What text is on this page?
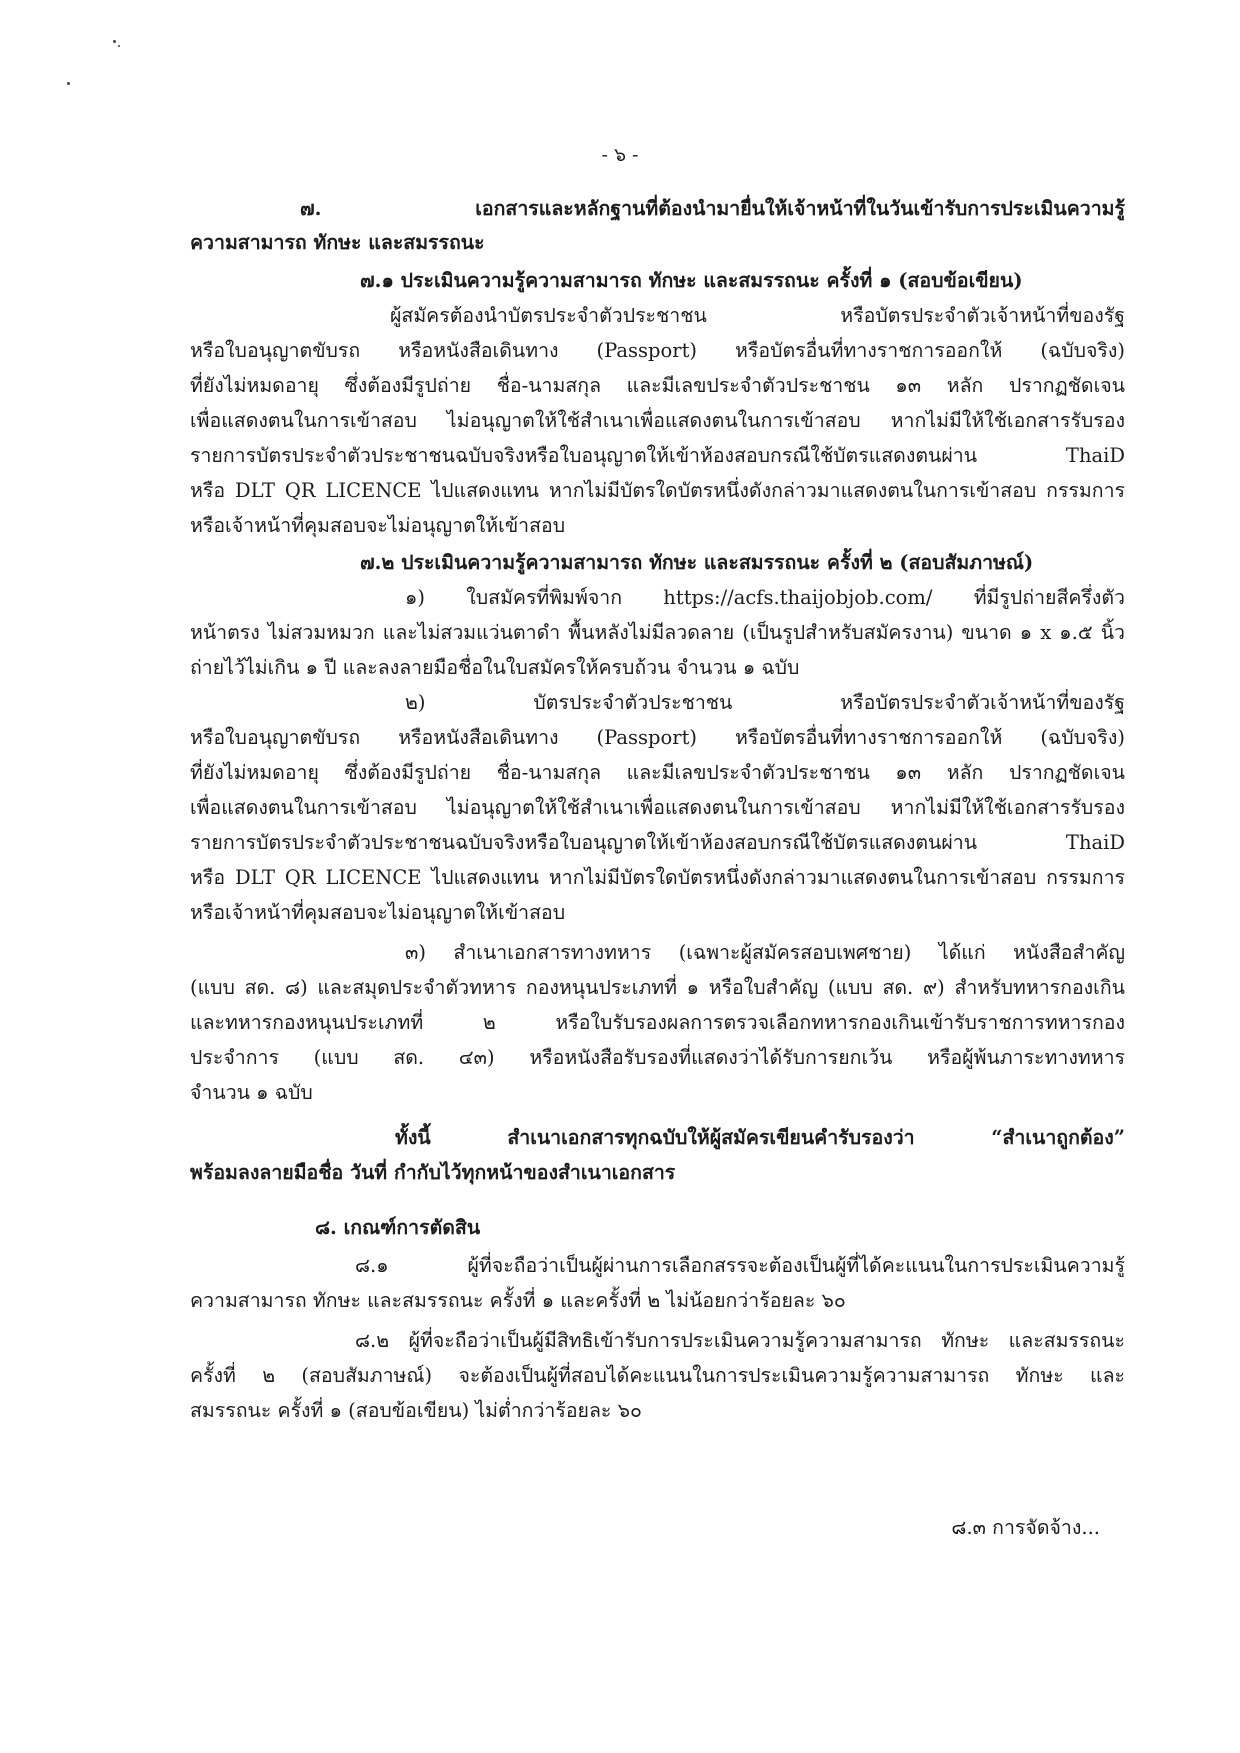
- ๖ -
๗. เอกสารและหลักฐานที่ต้องนำมายื่นให้เจ้าหน้าที่ในวันเข้ารับการประเมินความรู้
ความสามารถ ทักษะ และสมรรถนะ
๗.๑ ประเมินความรู้ความสามารถ ทักษะ และสมรรถนะ ครั้งที่ ๑ (สอบข้อเขียน)
ผู้สมัครต้องนำบัตรประจำตัวประชาชน หรือบัตรประจำตัวเจ้าหน้าที่ของรัฐ
หรือใบอนุญาตขับรถ หรือหนังสือเดินทาง (Passport) หรือบัตรอื่นที่ทางราชการออกให้ (ฉบับจริง)
ที่ยังไม่หมดอายุ ซึ่งต้องมีรูปถ่าย ชื่อ-นามสกุล และมีเลขประจำตัวประชาชน ๑๓ หลัก ปรากฏชัดเจน
เพื่อแสดงตนในการเข้าสอบ ไม่อนุญาตให้ใช้สำเนาเพื่อแสดงตนในการเข้าสอบ หากไม่มีให้ใช้เอกสารรับรอง
รายการบัตรประจำตัวประชาชนฉบับจริงหรือใบอนุญาตให้เข้าห้องสอบกรณีใช้บัตรแสดงตนผ่าน ThaiD
หรือ DLT QR LICENCE ไปแสดงแทน หากไม่มีบัตรใดบัตรหนึ่งดังกล่าวมาแสดงตนในการเข้าสอบ กรรมการ
หรือเจ้าหน้าที่คุมสอบจะไม่อนุญาตให้เข้าสอบ
๗.๒ ประเมินความรู้ความสามารถ ทักษะ และสมรรถนะ ครั้งที่ ๒ (สอบสัมภาษณ์)
๑) ใบสมัครที่พิมพ์จาก https://acfs.thaijobjob.com/ ที่มีรูปถ่ายสีครึ่งตัว
หน้าตรง ไม่สวมหมวก และไม่สวมแว่นตาดำ พื้นหลังไม่มีลวดลาย (เป็นรูปสำหรับสมัครงาน) ขนาด ๑ x ๑.๕ นิ้ว
ถ่ายไว้ไม่เกิน ๑ ปี และลงลายมือชื่อในใบสมัครให้ครบถ้วน จำนวน ๑ ฉบับ
๒) บัตรประจำตัวประชาชน หรือบัตรประจำตัวเจ้าหน้าที่ของรัฐ
หรือใบอนุญาตขับรถ หรือหนังสือเดินทาง (Passport) หรือบัตรอื่นที่ทางราชการออกให้ (ฉบับจริง)
ที่ยังไม่หมดอายุ ซึ่งต้องมีรูปถ่าย ชื่อ-นามสกุล และมีเลขประจำตัวประชาชน ๑๓ หลัก ปรากฏชัดเจน
เพื่อแสดงตนในการเข้าสอบ ไม่อนุญาตให้ใช้สำเนาเพื่อแสดงตนในการเข้าสอบ หากไม่มีให้ใช้เอกสารรับรอง
รายการบัตรประจำตัวประชาชนฉบับจริงหรือใบอนุญาตให้เข้าห้องสอบกรณีใช้บัตรแสดงตนผ่าน ThaiD
หรือ DLT QR LICENCE ไปแสดงแทน หากไม่มีบัตรใดบัตรหนึ่งดังกล่าวมาแสดงตนในการเข้าสอบ กรรมการ
หรือเจ้าหน้าที่คุมสอบจะไม่อนุญาตให้เข้าสอบ
๓) สำเนาเอกสารทางทหาร (เฉพาะผู้สมัครสอบเพศชาย) ได้แก่ หนังสือสำคัญ
(แบบ สด. ๘) และสมุดประจำตัวทหาร กองหนุนประเภทที่ ๑ หรือใบสำคัญ (แบบ สด. ๙) สำหรับทหารกองเกิน
และทหารกองหนุนประเภทที่ ๒ หรือใบรับรองผลการตรวจเลือกทหารกองเกินเข้ารับราชการทหารกอง
ประจำการ (แบบ สด. ๔๓) หรือหนังสือรับรองที่แสดงว่าได้รับการยกเว้น หรือผู้พ้นภาระทางทหาร
จำนวน ๑ ฉบับ
ทั้งนี้ สำเนาเอกสารทุกฉบับให้ผู้สมัครเขียนคำรับรองว่า “สำเนาถูกต้อง”
พร้อมลงลายมือชื่อ วันที่ กำกับไว้ทุกหน้าของสำเนาเอกสาร
๘. เกณฑ์การตัดสิน
๘.๑ ผู้ที่จะถือว่าเป็นผู้ผ่านการเลือกสรรจะต้องเป็นผู้ที่ได้คะแนนในการประเมินความรู้
ความสามารถ ทักษะ และสมรรถนะ ครั้งที่ ๑ และครั้งที่ ๒ ไม่น้อยกว่าร้อยละ ๖๐
๘.๒ ผู้ที่จะถือว่าเป็นผู้มีสิทธิเข้ารับการประเมินความรู้ความสามารถ ทักษะ และสมรรถนะ
ครั้งที่ ๒ (สอบสัมภาษณ์) จะต้องเป็นผู้ที่สอบได้คะแนนในการประเมินความรู้ความสามารถ ทักษะ และ
สมรรถนะ ครั้งที่ ๑ (สอบข้อเขียน) ไม่ต่ำกว่าร้อยละ ๖๐
๘.๓ การจัดจ้าง...
